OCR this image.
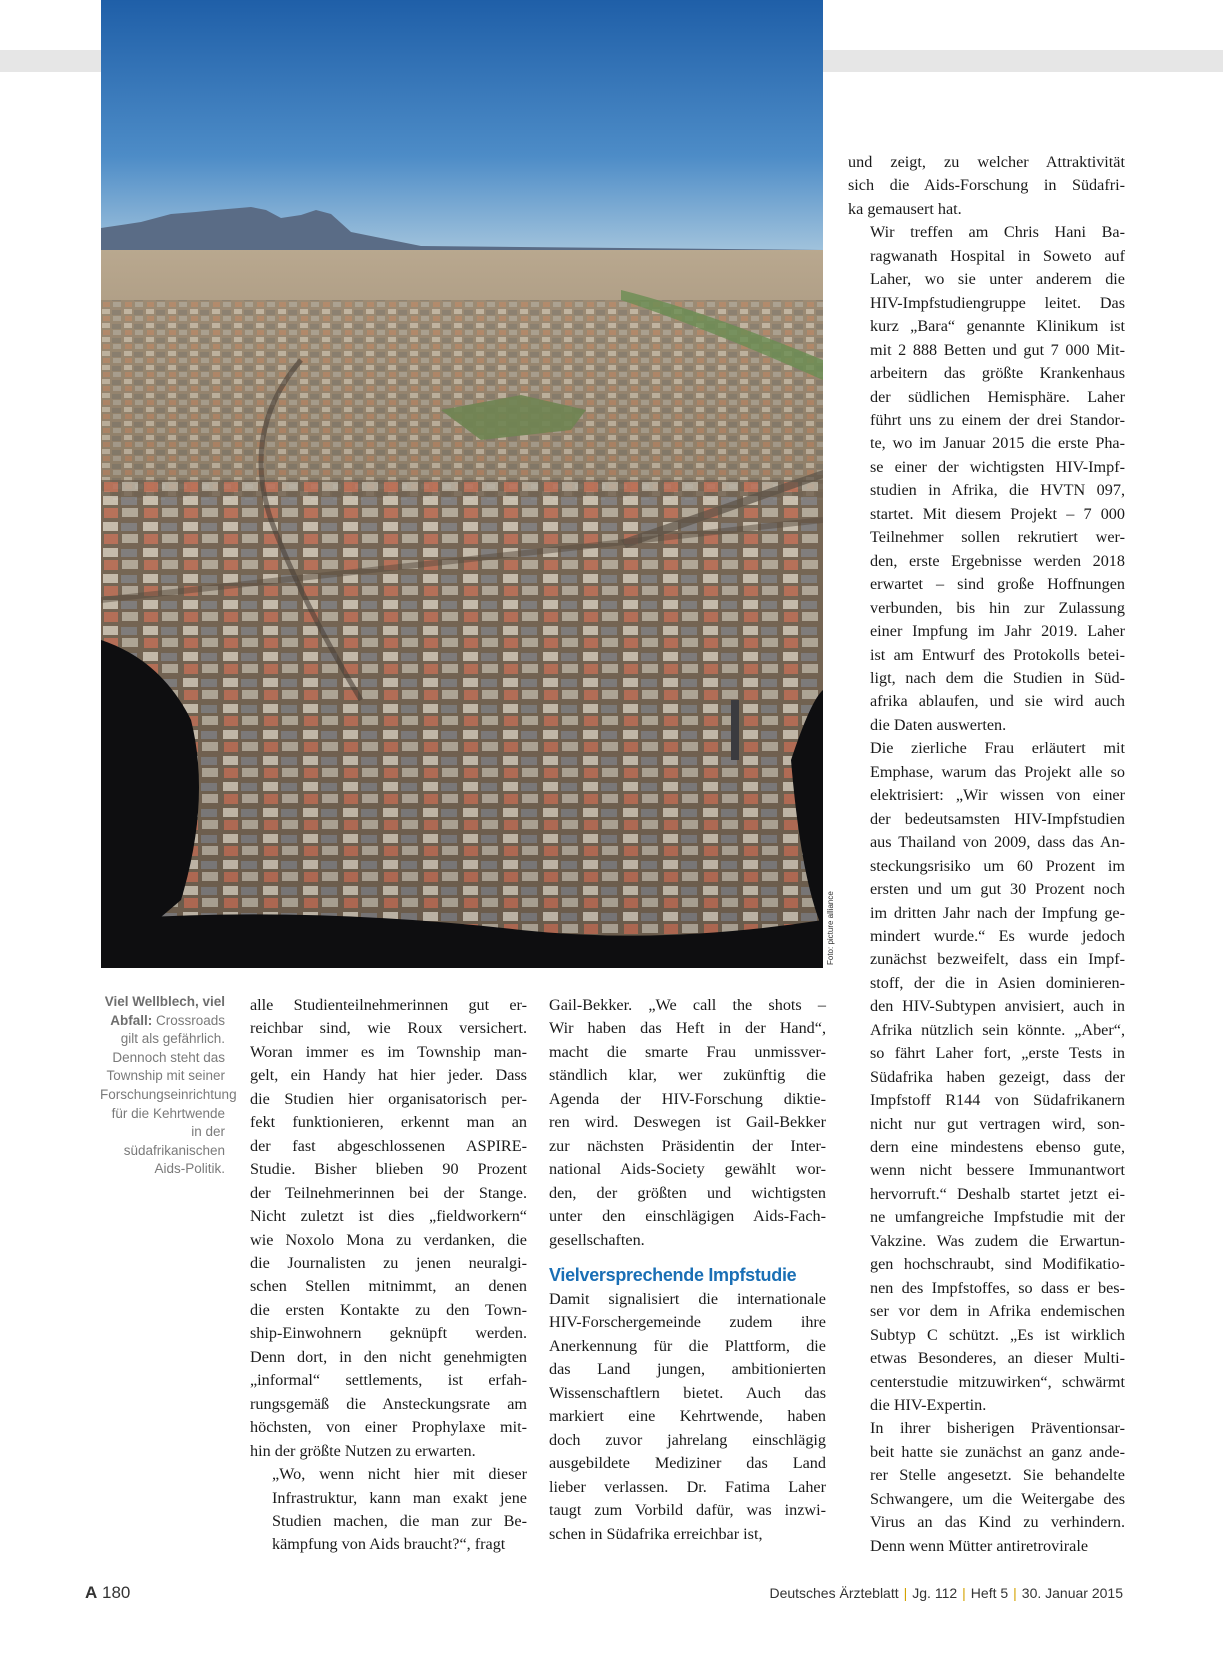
Foto: picture alliance
Viel Wellblech, viel Abfall: Crossroads gilt als gefährlich. Dennoch steht das Township mit seiner Forschungseinrichtung für die Kehrtwende in der südafrikanischen Aids-Politik.

alle Studienteilnehmerinnen gut er-
reichbar sind, wie Roux versichert.
Woran immer es im Township man-
gelt, ein Handy hat hier jeder. Dass
die Studien hier organisatorisch per-
fekt funktionieren, erkennt man an
der fast abgeschlossenen ASPIRE-
Studie. Bisher blieben 90 Prozent
der Teilnehmerinnen bei der Stange.
Nicht zuletzt ist dies „fieldworkern“
wie Noxolo Mona zu verdanken, die
die Journalisten zu jenen neuralgi-
schen Stellen mitnimmt, an denen
die ersten Kontakte zu den Town-
ship-Einwohnern geknüpft werden.
Denn dort, in den nicht genehmigten
„informal“ settlements, ist erfah-
rungsgemäß die Ansteckungsrate am
höchsten, von einer Prophylaxe mit-
hin der größte Nutzen zu erwarten.

„Wo, wenn nicht hier mit dieser
Infrastruktur, kann man exakt jene
Studien machen, die man zur Be-
kämpfung von Aids braucht?“, fragt

Gail-Bekker. „We call the shots –
Wir haben das Heft in der Hand“,
macht die smarte Frau unmissver-
ständlich klar, wer zukünftig die
Agenda der HIV-Forschung diktie-
ren wird. Deswegen ist Gail-Bekker
zur nächsten Präsidentin der Inter-
national Aids-Society gewählt wor-
den, der größten und wichtigsten
unter den einschlägigen Aids-Fach-
gesellschaften.

Vielversprechende Impfstudie

Damit signalisiert die internationale
HIV-Forschergemeinde zudem ihre
Anerkennung für die Plattform, die
das Land jungen, ambitionierten
Wissenschaftlern bietet. Auch das
markiert eine Kehrtwende, haben
doch zuvor jahrelang einschlägig
ausgebildete Mediziner das Land
lieber verlassen. Dr. Fatima Laher
taugt zum Vorbild dafür, was inzwi-
schen in Südafrika erreichbar ist,

und zeigt, zu welcher Attraktivität
sich die Aids-Forschung in Südafri-
ka gemausert hat.

Wir treffen am Chris Hani Ba-
ragwanath Hospital in Soweto auf
Laher, wo sie unter anderem die
HIV-Impfstudiengruppe leitet. Das
kurz „Bara“ genannte Klinikum ist
mit 2 888 Betten und gut 7 000 Mit-
arbeitern das größte Krankenhaus
der südlichen Hemisphäre. Laher
führt uns zu einem der drei Standor-
te, wo im Januar 2015 die erste Pha-
se einer der wichtigsten HIV-Impf-
studien in Afrika, die HVTN 097,
startet. Mit diesem Projekt – 7 000
Teilnehmer sollen rekrutiert wer-
den, erste Ergebnisse werden 2018
erwartet – sind große Hoffnungen
verbunden, bis hin zur Zulassung
einer Impfung im Jahr 2019. Laher
ist am Entwurf des Protokolls betei-
ligt, nach dem die Studien in Süd-
afrika ablaufen, und sie wird auch
die Daten auswerten.

Die zierliche Frau erläutert mit
Emphase, warum das Projekt alle so
elektrisiert: „Wir wissen von einer
der bedeutsamsten HIV-Impfstudien
aus Thailand von 2009, dass das An-
steckungsrisiko um 60 Prozent im
ersten und um gut 30 Prozent noch
im dritten Jahr nach der Impfung ge-
mindert wurde.“ Es wurde jedoch
zunächst bezweifelt, dass ein Impf-
stoff, der die in Asien dominieren-
den HIV-Subtypen anvisiert, auch in
Afrika nützlich sein könnte. „Aber“,
so fährt Laher fort, „erste Tests in
Südafrika haben gezeigt, dass der
Impfstoff R144 von Südafrikanern
nicht nur gut vertragen wird, son-
dern eine mindestens ebenso gute,
wenn nicht bessere Immunantwort
hervorruft.“ Deshalb startet jetzt ei-
ne umfangreiche Impfstudie mit der
Vakzine. Was zudem die Erwartun-
gen hochschraubt, sind Modifikatio-
nen des Impfstoffes, so dass er bes-
ser vor dem in Afrika endemischen
Subtyp C schützt. „Es ist wirklich
etwas Besonderes, an dieser Multi-
centerstudie mitzuwirken“, schwärmt
die HIV-Expertin.

In ihrer bisherigen Präventionsar-
beit hatte sie zunächst an ganz ande-
rer Stelle angesetzt. Sie behandelte
Schwangere, um die Weitergabe des
Virus an das Kind zu verhindern.
Denn wenn Mütter antiretrovirale

A 180	Deutsches Ärzteblatt | Jg. 112 | Heft 5 | 30. Januar 2015
